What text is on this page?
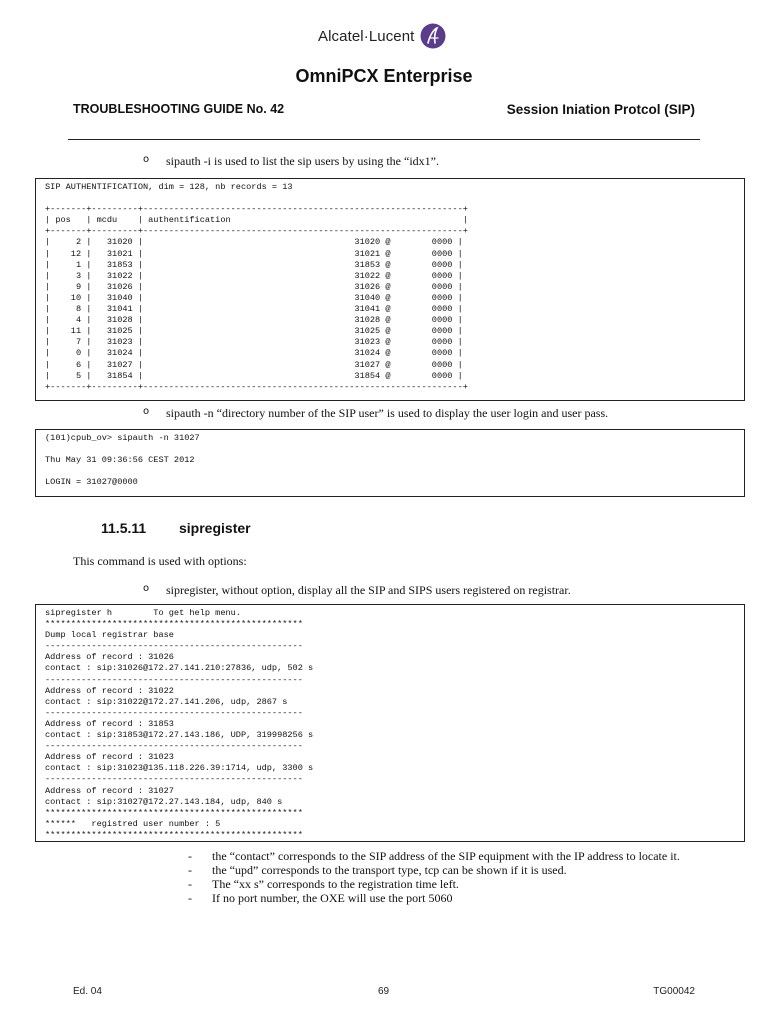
Alcatel·Lucent
OmniPCX Enterprise
TROUBLESHOOTING GUIDE No. 42	Session Iniation Protcol (SIP)
o sipauth -i is used to list the sip users by using the “idx1”.
SIP AUTHENTIFICATION, dim = 128, nb records = 13

+-------+---------+--------------------------------------------------------------+
| pos   | mcdu    | authentification                                             |
+-------+---------+--------------------------------------------------------------+
|     2 |   31020 |                                         31020 @        0000 |
|    12 |   31021 |                                         31021 @        0000 |
|     1 |   31853 |                                         31853 @        0000 |
|     3 |   31022 |                                         31022 @        0000 |
|     9 |   31026 |                                         31026 @        0000 |
|    10 |   31040 |                                         31040 @        0000 |
|     8 |   31041 |                                         31041 @        0000 |
|     4 |   31028 |                                         31028 @        0000 |
|    11 |   31025 |                                         31025 @        0000 |
|     7 |   31023 |                                         31023 @        0000 |
|     0 |   31024 |                                         31024 @        0000 |
|     6 |   31027 |                                         31027 @        0000 |
|     5 |   31854 |                                         31854 @        0000 |
+-------+---------+--------------------------------------------------------------+
o sipauth -n “directory number of the SIP user” is used to display the user login and user pass.
(101)cpub_ov> sipauth -n 31027

Thu May 31 09:36:56 CEST 2012

LOGIN = 31027@0000
11.5.11 sipregister
This command is used with options:
o sipregister, without option, display all the SIP and SIPS users registered on registrar.
sipregister h        To get help menu.
**************************************************
Dump local registrar base
--------------------------------------------------
Address of record : 31026
contact : sip:31026@172.27.141.210:27836, udp, 502 s
--------------------------------------------------
Address of record : 31022
contact : sip:31022@172.27.141.206, udp, 2867 s
--------------------------------------------------
Address of record : 31853
contact : sip:31853@172.27.143.186, UDP, 319998256 s
--------------------------------------------------
Address of record : 31023
contact : sip:31023@135.118.226.39:1714, udp, 3300 s
--------------------------------------------------
Address of record : 31027
contact : sip:31027@172.27.143.184, udp, 840 s
**************************************************
******   registred user number : 5
**************************************************
- the “contact” corresponds to the SIP address of the SIP equipment with the IP address to locate it.
- the “upd” corresponds to the transport type, tcp can be shown if it is used.
- The “xx s” corresponds to the registration time left.
- If no port number, the OXE will use the port 5060
Ed. 04	69	TG00042
